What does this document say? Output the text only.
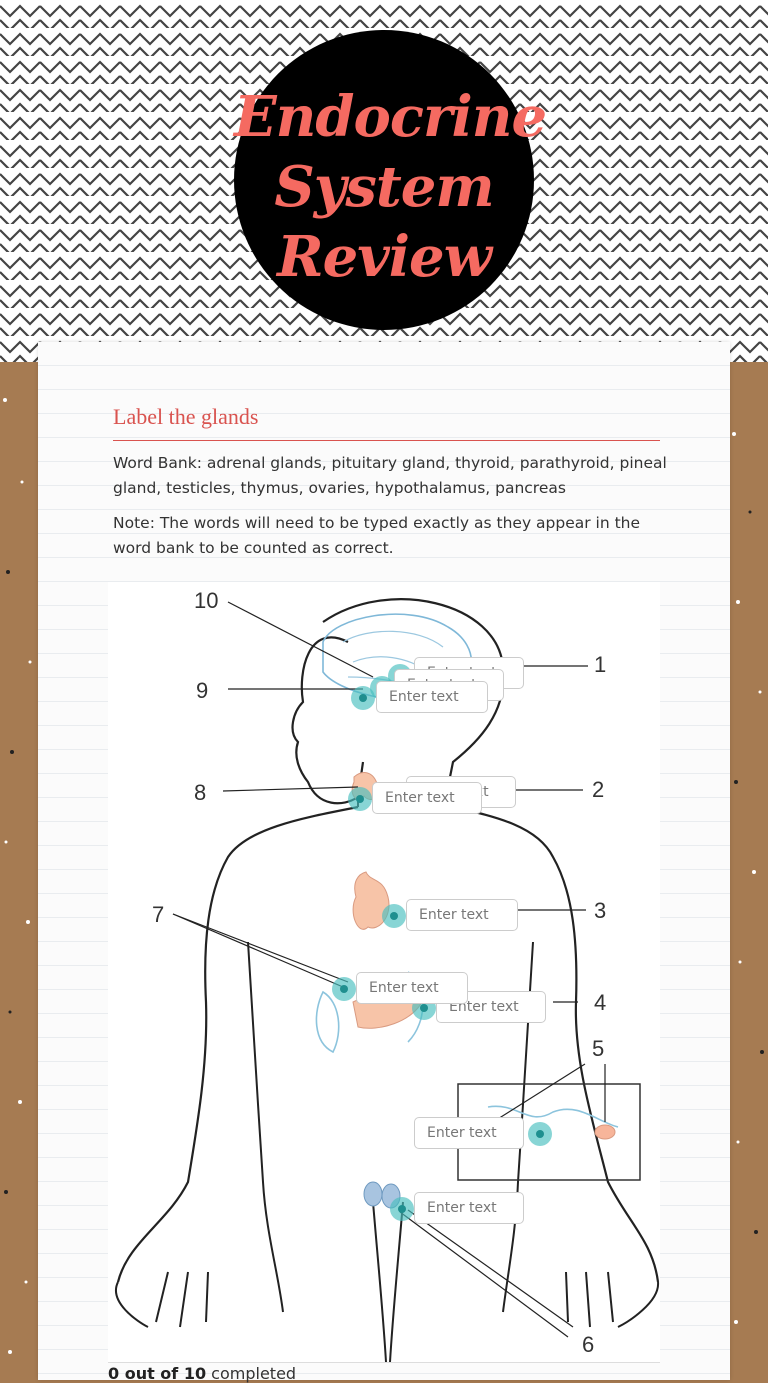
Endocrine
System
Review
Label the glands
Word Bank: adrenal glands, pituitary gland, thyroid, parathyroid, pineal gland, testicles, thymus, ovaries, hypothalamus, pancreas
Note: The words will need to be typed exactly as they appear in the word bank to be counted as correct.
10
9
8
7
1
2
3
4
5
6
Enter text
Enter text
Enter text
Enter text
Enter text
Enter text
Enter text
Enter text
Enter text
Enter text
0 out of 10 completed
